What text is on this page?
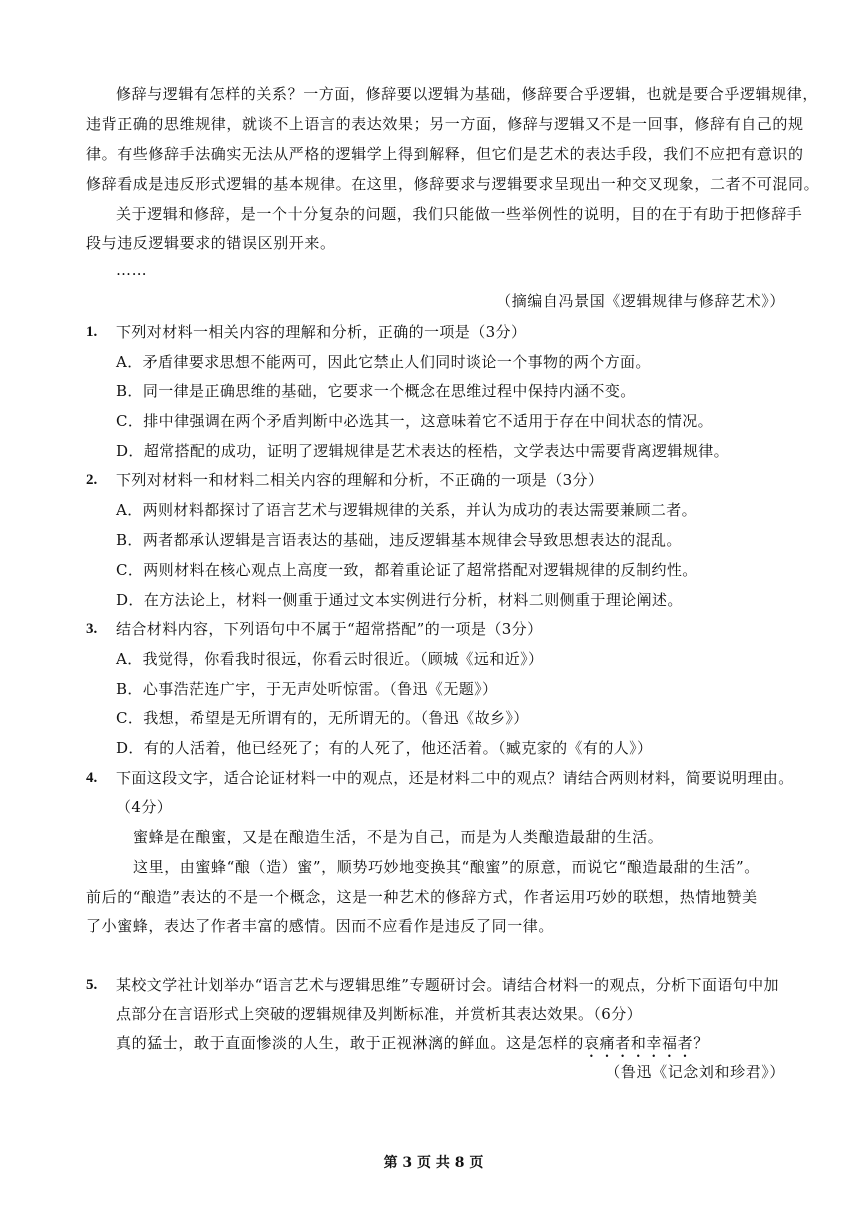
修辞与逻辑有怎样的关系？一方面，修辞要以逻辑为基础，修辞要合乎逻辑，也就是要合乎逻辑规律，
违背正确的思维规律，就谈不上语言的表达效果；另一方面，修辞与逻辑又不是一回事，修辞有自己的规
律。有些修辞手法确实无法从严格的逻辑学上得到解释，但它们是艺术的表达手段，我们不应把有意识的
修辞看成是违反形式逻辑的基本规律。在这里，修辞要求与逻辑要求呈现出一种交叉现象，二者不可混同。
关于逻辑和修辞，是一个十分复杂的问题，我们只能做一些举例性的说明，目的在于有助于把修辞手
段与违反逻辑要求的错误区别开来。
……
（摘编自冯景国《逻辑规律与修辞艺术》）
1. 下列对材料一相关内容的理解和分析，正确的一项是（3分）
A．矛盾律要求思想不能两可，因此它禁止人们同时谈论一个事物的两个方面。
B．同一律是正确思维的基础，它要求一个概念在思维过程中保持内涵不变。
C．排中律强调在两个矛盾判断中必选其一，这意味着它不适用于存在中间状态的情况。
D．超常搭配的成功，证明了逻辑规律是艺术表达的桎梏，文学表达中需要背离逻辑规律。
2. 下列对材料一和材料二相关内容的理解和分析，不正确的一项是（3分）
A．两则材料都探讨了语言艺术与逻辑规律的关系，并认为成功的表达需要兼顾二者。
B．两者都承认逻辑是言语表达的基础，违反逻辑基本规律会导致思想表达的混乱。
C．两则材料在核心观点上高度一致，都着重论证了超常搭配对逻辑规律的反制约性。
D．在方法论上，材料一侧重于通过文本实例进行分析，材料二则侧重于理论阐述。
3. 结合材料内容，下列语句中不属于“超常搭配”的一项是（3分）
A．我觉得，你看我时很远，你看云时很近。（顾城《远和近》）
B．心事浩茫连广宇，于无声处听惊雷。（鲁迅《无题》）
C．我想，希望是无所谓有的，无所谓无的。（鲁迅《故乡》）
D．有的人活着，他已经死了；有的人死了，他还活着。（臧克家的《有的人》）
4. 下面这段文字，适合论证材料一中的观点，还是材料二中的观点？请结合两则材料，简要说明理由。
（4分）
蜜蜂是在酿蜜，又是在酿造生活，不是为自己，而是为人类酿造最甜的生活。
这里，由蜜蜂“酿（造）蜜”，顺势巧妙地变换其“酿蜜”的原意，而说它“酿造最甜的生活”。
前后的“酿造”表达的不是一个概念，这是一种艺术的修辞方式，作者运用巧妙的联想，热情地赞美
了小蜜蜂，表达了作者丰富的感情。因而不应看作是违反了同一律。
5. 某校文学社计划举办“语言艺术与逻辑思维”专题研讨会。请结合材料一的观点，分析下面语句中加
点部分在言语形式上突破的逻辑规律及判断标准，并赏析其表达效果。（6分）
真的猛士，敢于直面惨淡的人生，敢于正视淋漓的鲜血。这是怎样的哀痛者和幸福者？
（鲁迅《记念刘和珍君》）
第 3 页 共 8 页
